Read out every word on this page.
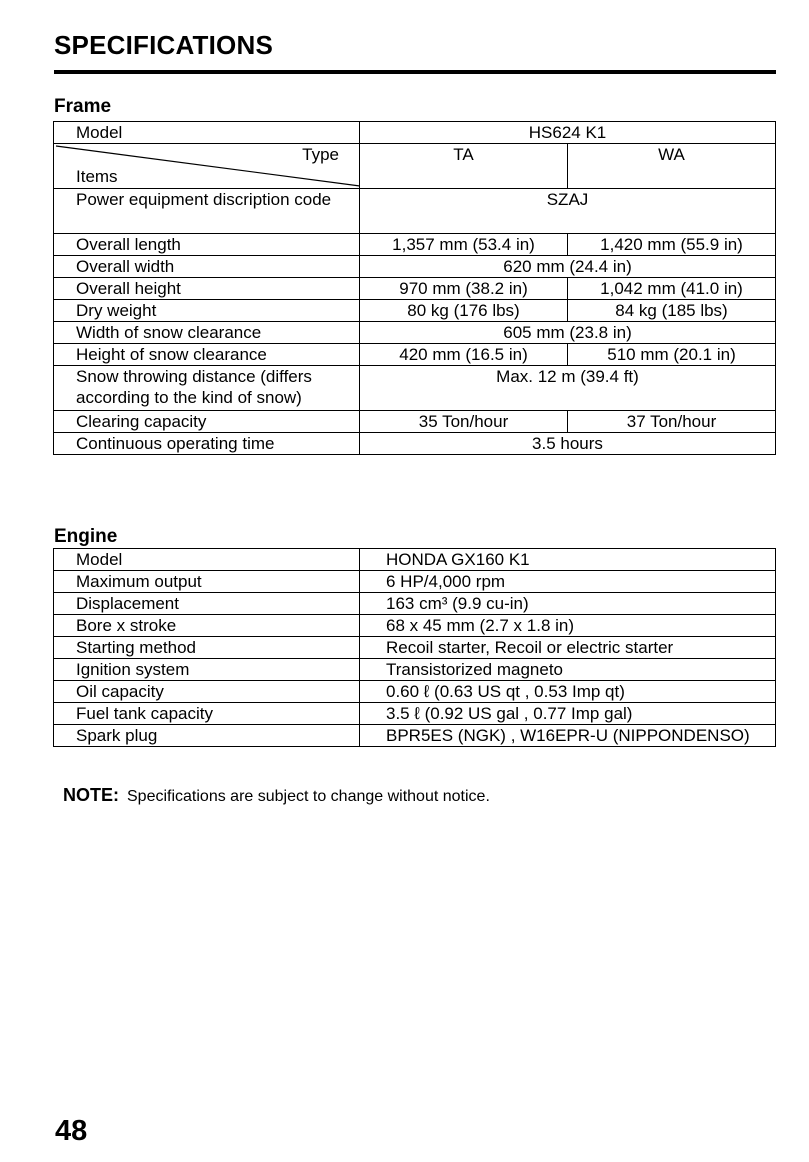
SPECIFICATIONS
Frame
Model	HS624 K1	

Type
Items	TA	WA
Power equipment discription code	SZAJ	
Overall length	1,357 mm (53.4 in)	1,420 mm (55.9 in)
Overall width	620 mm (24.4 in)	
Overall height	970 mm (38.2 in)	1,042 mm (41.0 in)
Dry weight	80 kg (176 lbs)	84 kg (185 lbs)
Width of snow clearance	605 mm (23.8 in)	
Height of snow clearance	420 mm (16.5 in)	510 mm (20.1 in)
Snow throwing distance (differs according to the kind of snow)	Max. 12 m (39.4 ft)	
Clearing capacity	35 Ton/hour	37 Ton/hour
Continuous operating time	3.5 hours	
Engine
Model	HONDA GX160 K1
Maximum output	6 HP/4,000 rpm
Displacement	163 cm³ (9.9 cu-in)
Bore x stroke	68 x 45 mm (2.7 x 1.8 in)
Starting method	Recoil starter, Recoil or electric starter
Ignition system	Transistorized magneto
Oil capacity	0.60 ℓ (0.63 US qt , 0.53 Imp qt)
Fuel tank capacity	3.5 ℓ (0.92 US gal , 0.77 Imp gal)
Spark plug	BPR5ES (NGK) , W16EPR-U (NIPPONDENSO)
NOTE: Specifications are subject to change without notice.
48
